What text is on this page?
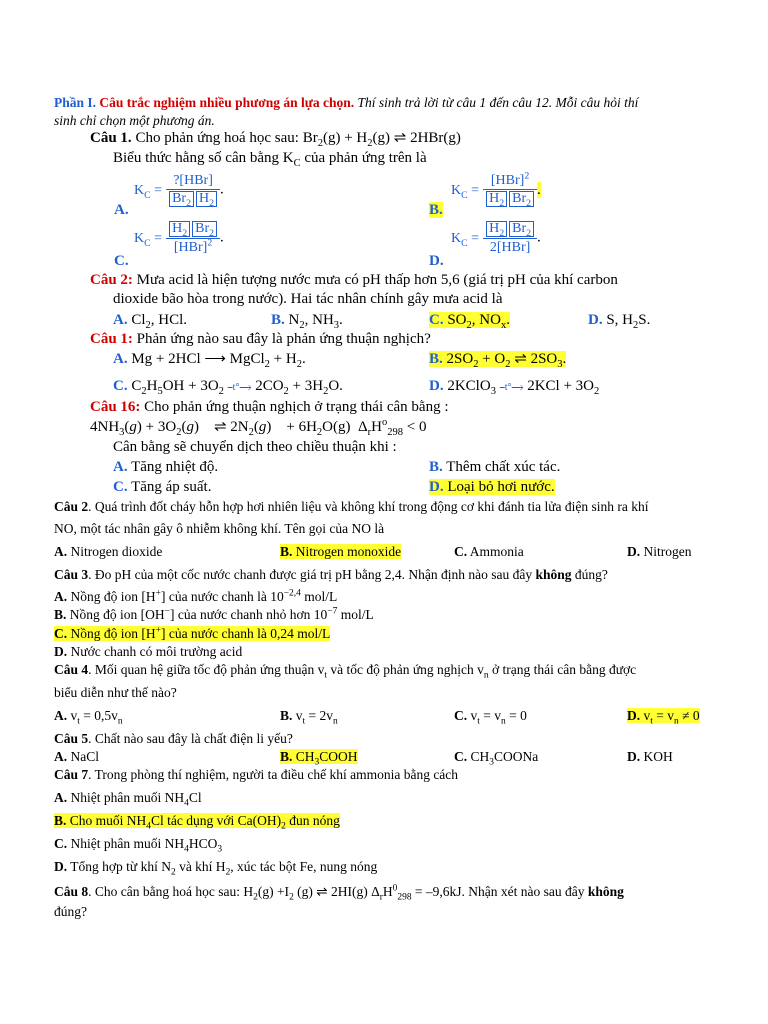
Phần I. Câu trắc nghiệm nhiều phương án lựa chọn. Thí sinh trả lời từ câu 1 đến câu 12. Mỗi câu hỏi thí
sinh chỉ chọn một phương án.
Câu 1. Cho phản ứng hoá học sau: $Br_2(g) + H_2(g)$ ⇌ 2HBr(g)
Biểu thức hằng số cân bằng $K_C$ của phản ứng trên là
A.
$K_C = \frac{\text{?[HBr]}}{Br_2 H_2}$ .
B.
$K_C = \frac{[HBr]^2}{H_2 Br_2}$ .
C.
$K_C = \frac{H_2 Br_2}{[HBr]^2}$ .
D.
$K_C = \frac{H_2 Br_2}{\text{2[HBr]}}$ .
Câu 2: Mưa acid là hiện tượng nước mưa có pH thấp hơn 5,6 (giá trị pH của khí carbon
dioxide bão hòa trong nước). Hai tác nhân chính gây mưa acid là
A. $Cl_2$, HCl.	B. $N_2$, $NH_3$.	C. $SO_2$, $NO_x$.	D. S, $H_2S$.
Câu 1: Phản ứng nào sau đây là phản ứng thuận nghịch?
A. Mg + 2HCl ⟶ MgCl$_2$ + $H_2$.	B. $2SO_2 + O_2$ ⇌ $2SO_3$.
C. $C_2H_5OH + 3O_2$ ⎯t°⟶ $2CO_2 + 3H_2O$.	D. 2KClO$_3$ ⎯t°⟶ $2KCl + 3O_2$
Câu 16: Cho phản ứng thuận nghịch ở trạng thái cân bằng :
$4NH_3(g) + 3O_2(g)$    ⇌ $2N_2(g)$    + $6H_2O(g) \Delta_rH^o_{298} < 0$
Cân bằng sẽ chuyển dịch theo chiều thuận khi :
A. Tăng nhiệt độ.	B. Thêm chất xúc tác.
C. Tăng áp suất.	D. Loại bỏ hơi nước.
Câu 2. Quá trình đốt cháy hỗn hợp hơi nhiên liệu và không khí trong động cơ khi đánh tia lửa điện sinh ra khí
NO, một tác nhân gây ô nhiễm không khí. Tên gọi của NO là
A. Nitrogen dioxide	B. Nitrogen monoxide	C. Ammonia	D. Nitrogen
Câu 3. Đo pH của một cốc nước chanh được giá trị pH bằng 2,4. Nhận định nào sau đây không đúng?
A. Nồng độ ion [H+] của nước chanh là $10^{-2,4}$ mol/L
B. Nồng độ ion [OH−] của nước chanh nhỏ hơn $10^{-7}$ mol/L
C. Nồng độ ion [H+] của nước chanh là 0,24 mol/L
D. Nước chanh có môi trường acid
Câu 4. Mối quan hệ giữa tốc độ phản ứng thuận $v_t$ và tốc độ phản ứng nghịch $v_n$ ở trạng thái cân bằng được
biểu diễn như thế nào?
A. $v_t = 0,5v_n$	B. $v_t = 2v_n$	C. $v_t = v_n = 0$	D. $v_t = v_n \ne 0$
Câu 5. Chất nào sau đây là chất điện li yếu?
A. NaCl	B. $CH_3COOH$	C. $CH_3COONa$	D. KOH
Câu 7. Trong phòng thí nghiệm, người ta điều chế khí ammonia bằng cách
A. Nhiệt phân muối $NH_4Cl$
B. Cho muối $NH_4Cl$ tác dụng với $Ca(OH)_2$ đun nóng
C. Nhiệt phân muối $NH_4HCO_3$
D. Tổng hợp từ khí $N_2$ và khí $H_2$, xúc tác bột Fe, nung nóng
Câu 8. Cho cân bằng hoá học sau: $H_2(g) +I_2$ (g) ⇌ 2HI(g) $\Delta_rH^0_{298} = -9,6kJ$. Nhận xét nào sau đây không
đúng?
